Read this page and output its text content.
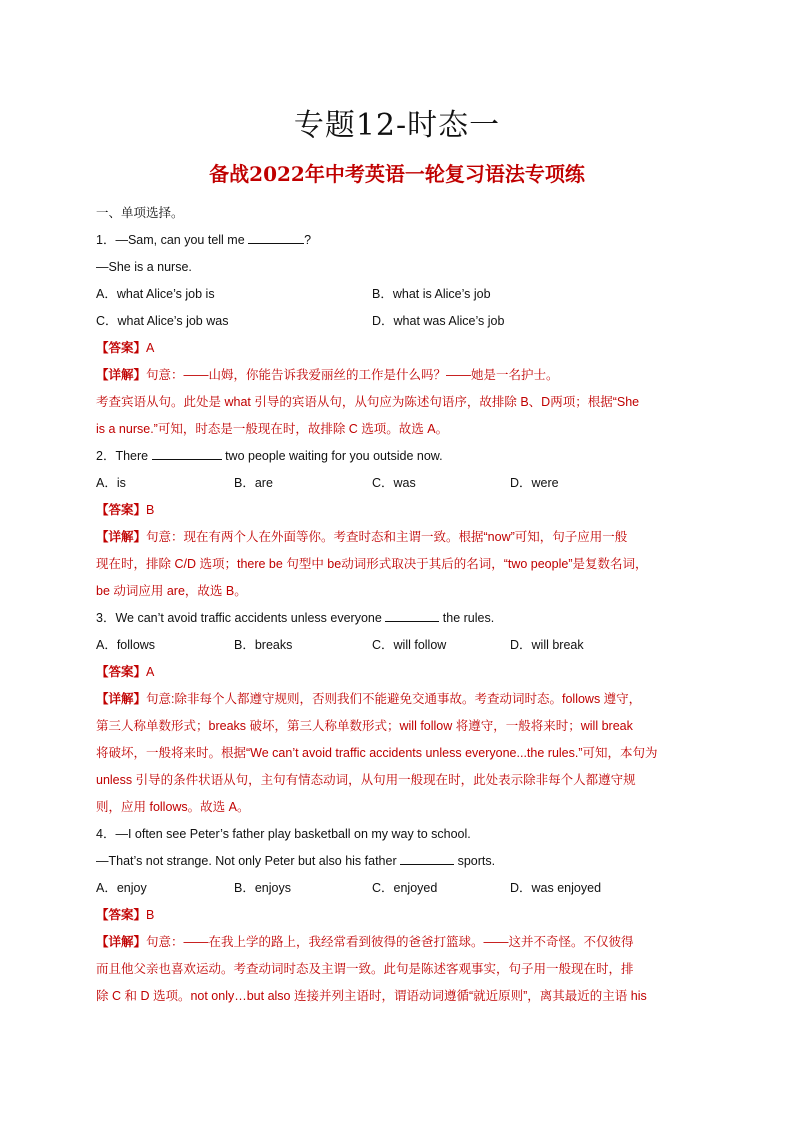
专题12-时态一
备战2022年中考英语一轮复习语法专项练
一、单项选择。
1．—Sam, can you tell me	?
—She is a nurse.
A．what Alice’s job is	B．what is Alice’s job
C．what Alice’s job was	D．what was Alice’s job
【答案】A
【详解】句意：——山姆，你能告诉我爱丽丝的工作是什么吗？——她是一名护士。
考查宾语从句。此处是 what 引导的宾语从句，从句应为陈述句语序，故排除 B、D两项；根据“She
is a nurse.”可知，时态是一般现在时，故排除 C 选项。故选 A。
2．There	two people waiting for you outside now.
A．is	B．are	C．was	D．were
【答案】B
【详解】句意：现在有两个人在外面等你。考查时态和主谓一致。根据“now”可知，句子应用一般
现在时，排除 C/D 选项；there be 句型中 be动词形式取决于其后的名词，“two people”是复数名词，
be 动词应用 are，故选 B。
3．We can’t avoid traffic accidents unless everyone	the rules.
A．follows	B．breaks	C．will follow	D．will break
【答案】A
【详解】句意:除非每个人都遵守规则，否则我们不能避免交通事故。考查动词时态。follows 遵守，
第三人称单数形式；breaks 破坏，第三人称单数形式；will follow 将遵守，一般将来时；will break
将破坏，一般将来时。根据“We can’t avoid traffic accidents unless everyone...the rules.”可知，本句为
unless 引导的条件状语从句，主句有情态动词，从句用一般现在时，此处表示除非每个人都遵守规
则，应用 follows。故选 A。
4．—I often see Peter’s father play basketball on my way to school.
—That’s not strange. Not only Peter but also his father	sports.
A．enjoy	B．enjoys	C．enjoyed	D．was enjoyed
【答案】B
【详解】句意：——在我上学的路上，我经常看到彼得的爸爸打篮球。——这并不奇怪。不仅彼得
而且他父亲也喜欢运动。考查动词时态及主谓一致。此句是陈述客观事实，句子用一般现在时，排
除 C 和 D 选项。not only…but also 连接并列主语时，谓语动词遵循“就近原则”，离其最近的主语 his
